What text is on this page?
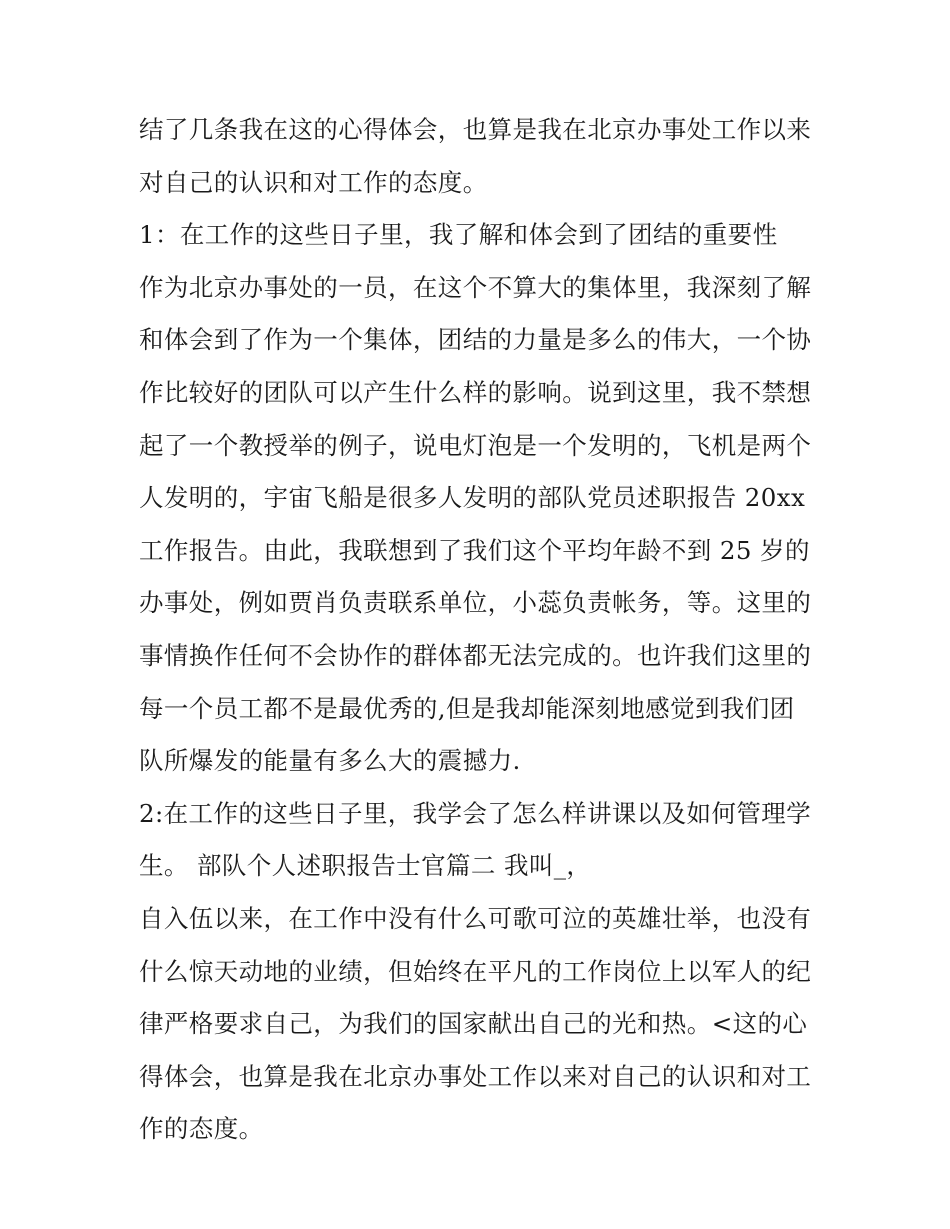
结了几条我在这的心得体会，也算是我在北京办事处工作以来
对自己的认识和对工作的态度。
1：在工作的这些日子里，我了解和体会到了团结的重要性
作为北京办事处的一员，在这个不算大的集体里，我深刻了解
和体会到了作为一个集体，团结的力量是多么的伟大，一个协
作比较好的团队可以产生什么样的影响。说到这里，我不禁想
起了一个教授举的例子，说电灯泡是一个发明的，飞机是两个
人发明的，宇宙飞船是很多人发明的部队党员述职报告 20xx
工作报告。由此，我联想到了我们这个平均年龄不到 25 岁的
办事处，例如贾肖负责联系单位，小蕊负责帐务，等。这里的
事情换作任何不会协作的群体都无法完成的。也许我们这里的
每一个员工都不是最优秀的,但是我却能深刻地感觉到我们团
队所爆发的能量有多么大的震撼力.
2:在工作的这些日子里，我学会了怎么样讲课以及如何管理学
生。 部队个人述职报告士官篇二 我叫_，
自入伍以来，在工作中没有什么可歌可泣的英雄壮举，也没有
什么惊天动地的业绩，但始终在平凡的工作岗位上以军人的纪
律严格要求自己，为我们的国家献出自己的光和热。<这的心
得体会，也算是我在北京办事处工作以来对自己的认识和对工
作的态度。
